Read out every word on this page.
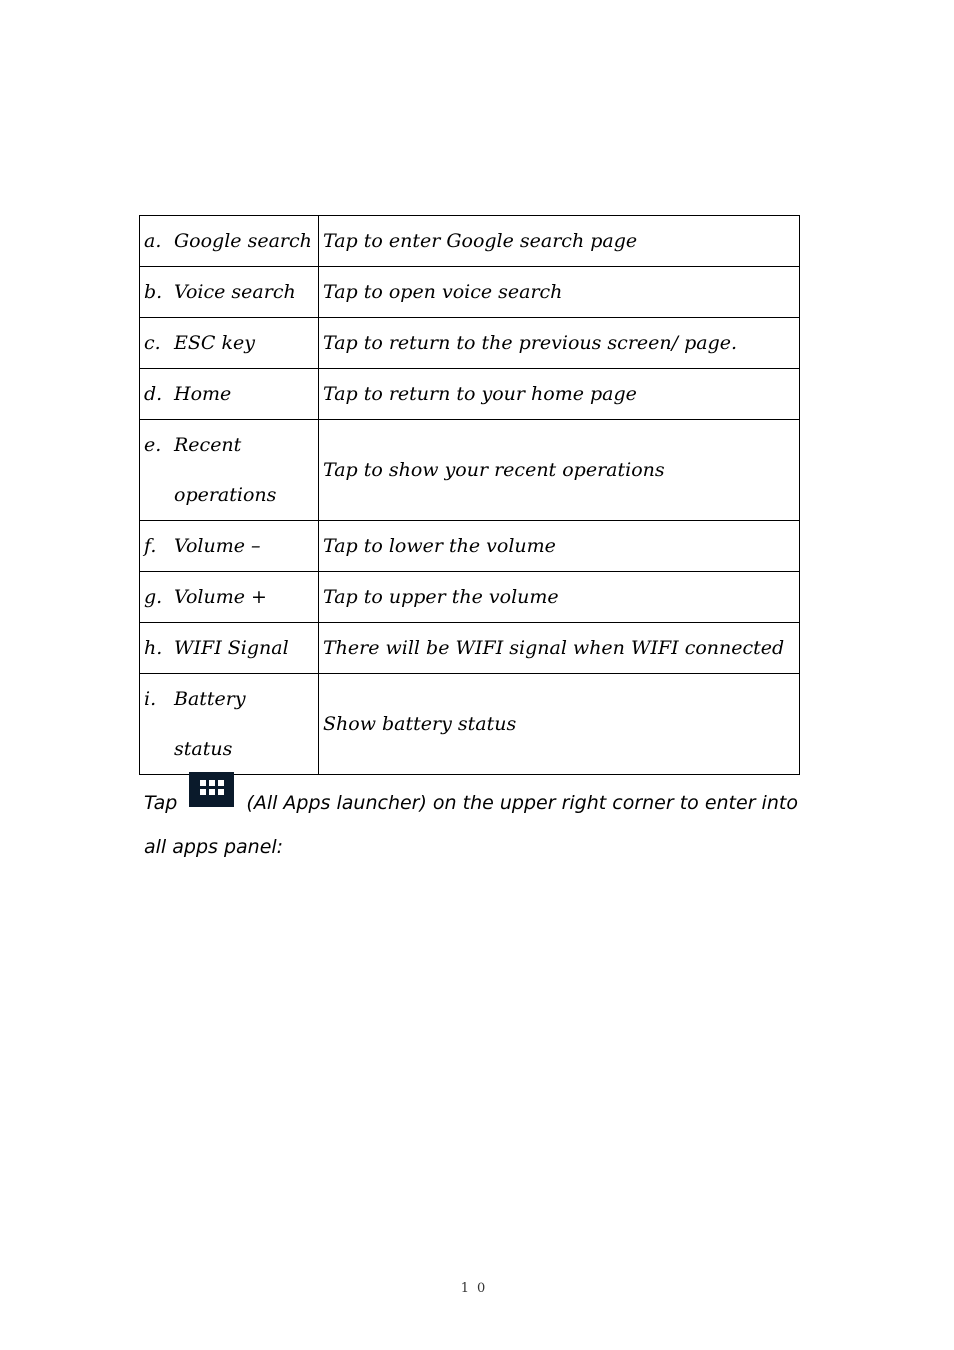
a. Google search	Tap to enter Google search page

b. Voice search	Tap to open voice search

c. ESC key	Tap to return to the previous screen/ page.

d. Home	Tap to return to your home page

e. Recent
operations	Tap to show your recent operations

f. Volume –	Tap to lower the volume

g. Volume +	Tap to upper the volume

h. WIFI Signal	There will be WIFI signal when WIFI connected

i. Battery
status	Show battery status
Tap	(All Apps launcher) on the upper right corner to enter into
all apps panel:
10
